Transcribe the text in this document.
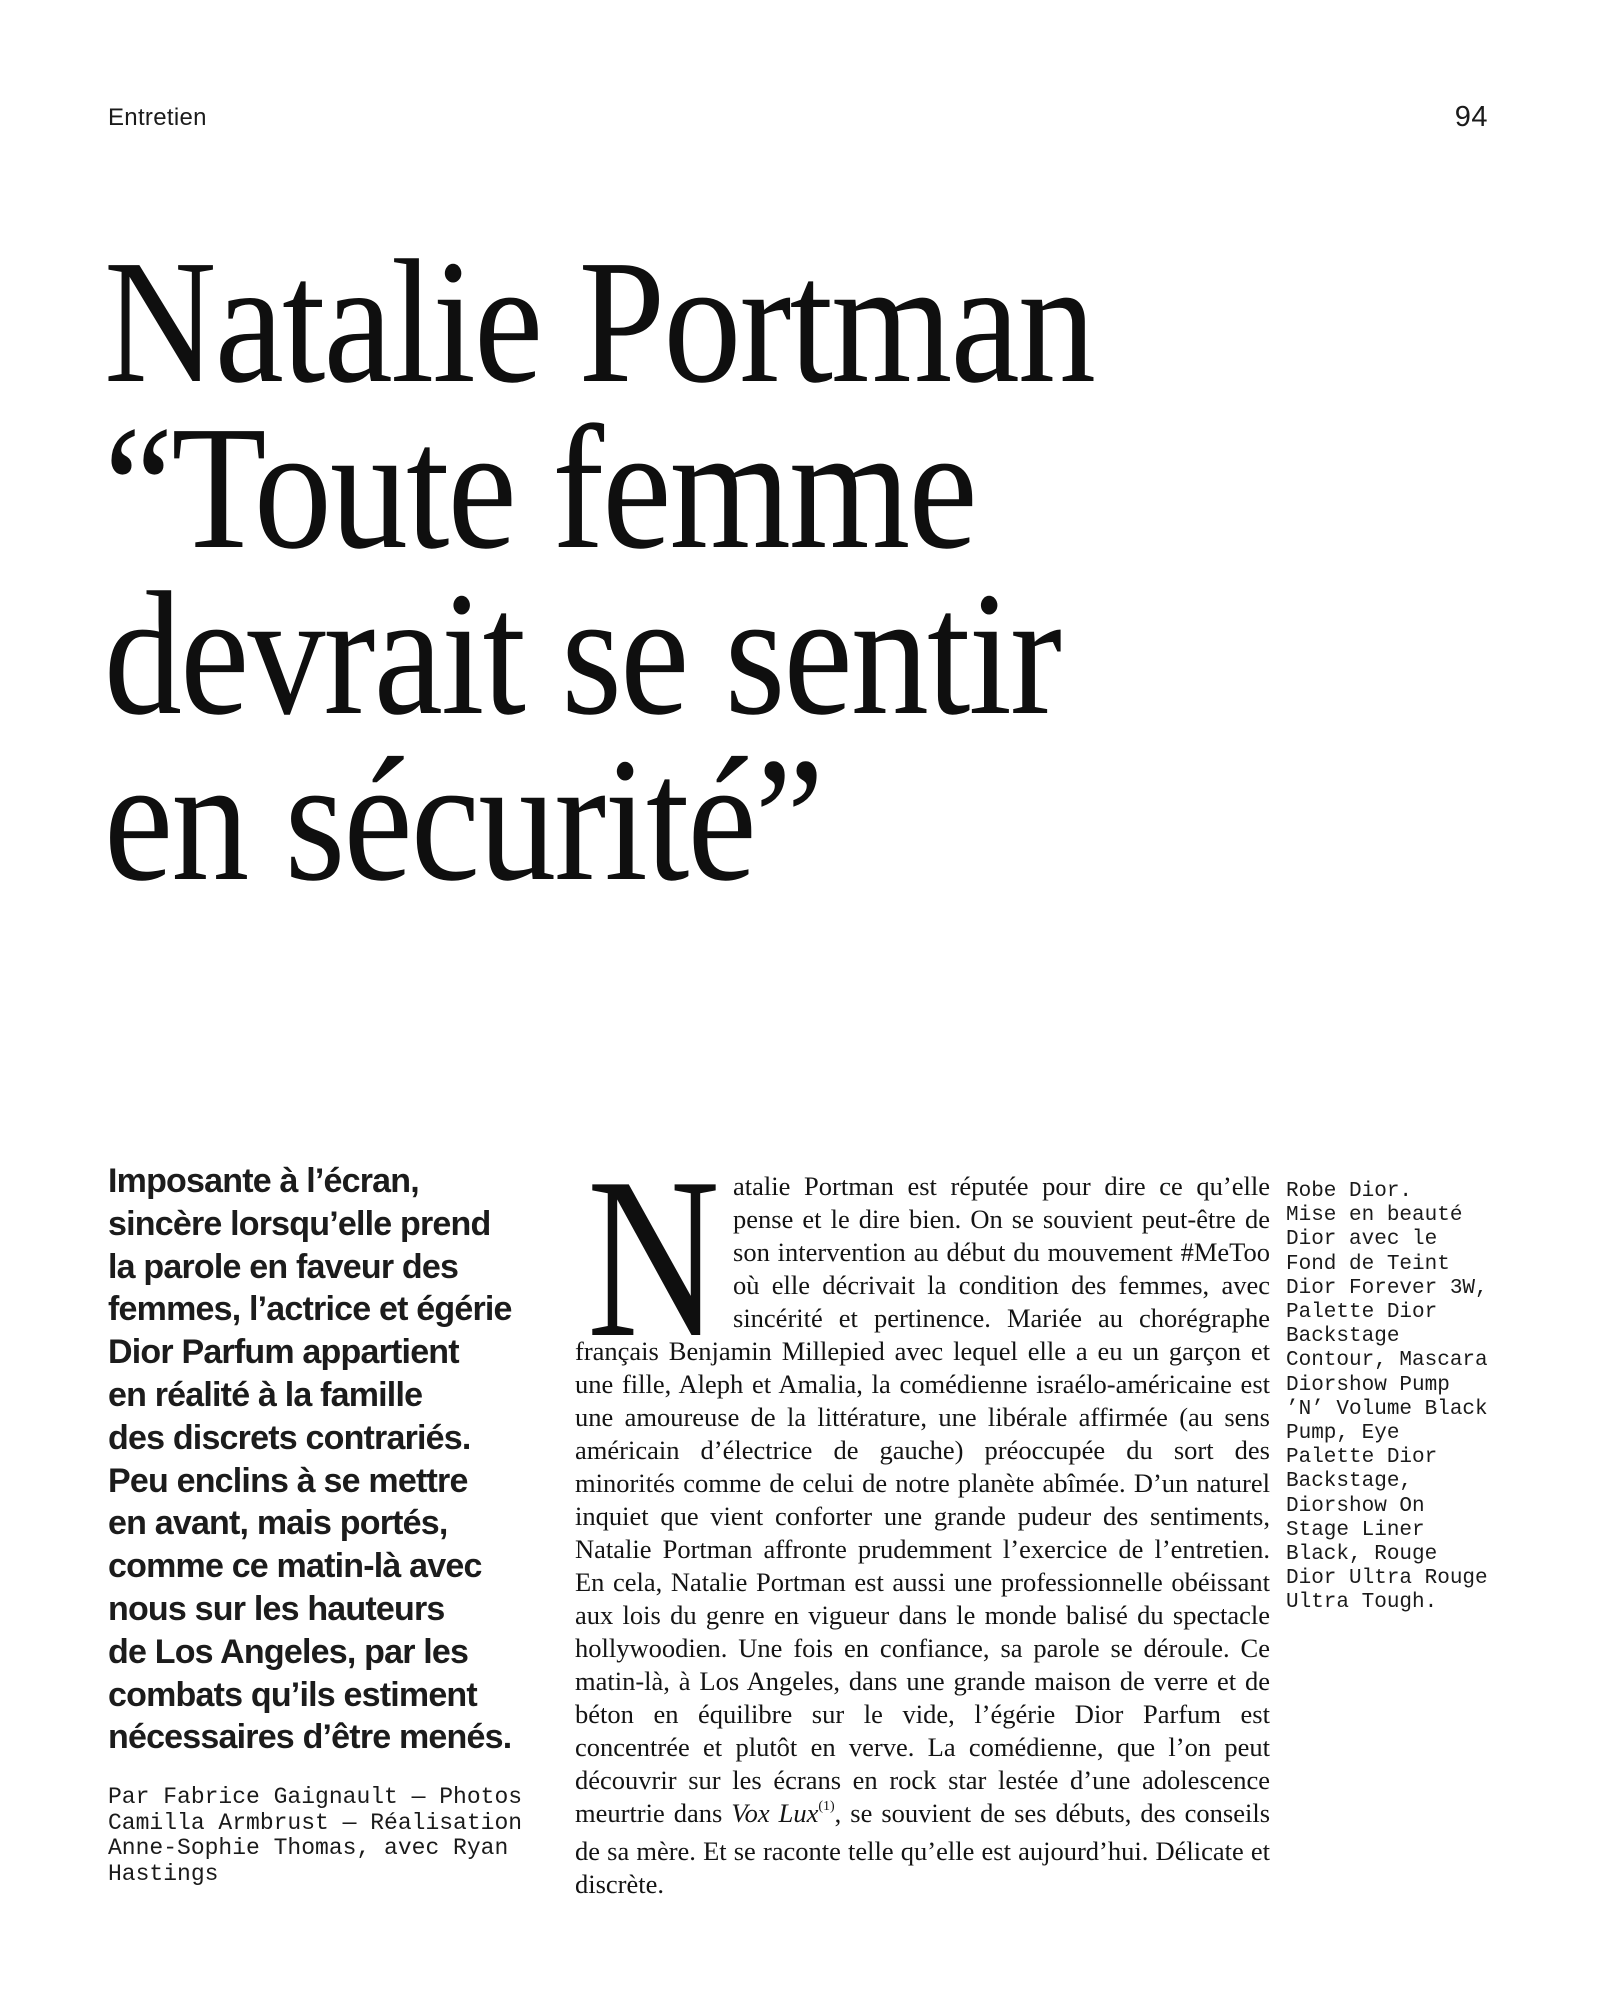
Entretien	94
Natalie Portman
“Toute femme
devrait se sentir
en sécurité”
Imposante à l’écran,
sincère lorsqu’elle prend
la parole en faveur des
femmes, l’actrice et égérie
Dior Parfum appartient
en réalité à la famille
des discrets contrariés.
Peu enclins à se mettre
en avant, mais portés,
comme ce matin-là avec
nous sur les hauteurs
de Los Angeles, par les
combats qu’ils estiment
nécessaires d’être menés.
Par Fabrice Gaignault — Photos
Camilla Armbrust — Réalisation
Anne-Sophie Thomas, avec Ryan
Hastings
N atalie Portman est réputée pour dire ce qu’elle pense et le dire bien. On se souvient peut-être de son intervention au début du mouvement #MeToo où elle décrivait la condition des femmes, avec sincérité et pertinence. Mariée au chorégraphe français Benjamin Millepied avec lequel elle a eu un garçon et une fille, Aleph et Amalia, la comédienne israélo-américaine est une amoureuse de la littérature, une libérale affirmée (au sens américain d’électrice de gauche) préoccupée du sort des minorités comme de celui de notre planète abîmée. D’un naturel inquiet que vient conforter une grande pudeur des sentiments, Natalie Portman affronte prudemment l’exercice de l’entretien. En cela, Natalie Portman est aussi une professionnelle obéissant aux lois du genre en vigueur dans le monde balisé du spectacle hollywoodien. Une fois en confiance, sa parole se déroule. Ce matin-là, à Los Angeles, dans une grande maison de verre et de béton en équilibre sur le vide, l’égérie Dior Parfum est concentrée et plutôt en verve. La comédienne, que l’on peut découvrir sur les écrans en rock star lestée d’une adolescence meurtrie dans Vox Lux$^{(1)}$, se souvient de ses débuts, des conseils de sa mère. Et se raconte telle qu’elle est aujourd’hui. Délicate et discrète.
Robe Dior.
Mise en beauté
Dior avec le
Fond de Teint
Dior Forever 3W,
Palette Dior
Backstage
Contour, Mascara
Diorshow Pump
’N’ Volume Black
Pump, Eye
Palette Dior
Backstage,
Diorshow On
Stage Liner
Black, Rouge
Dior Ultra Rouge
Ultra Tough.
